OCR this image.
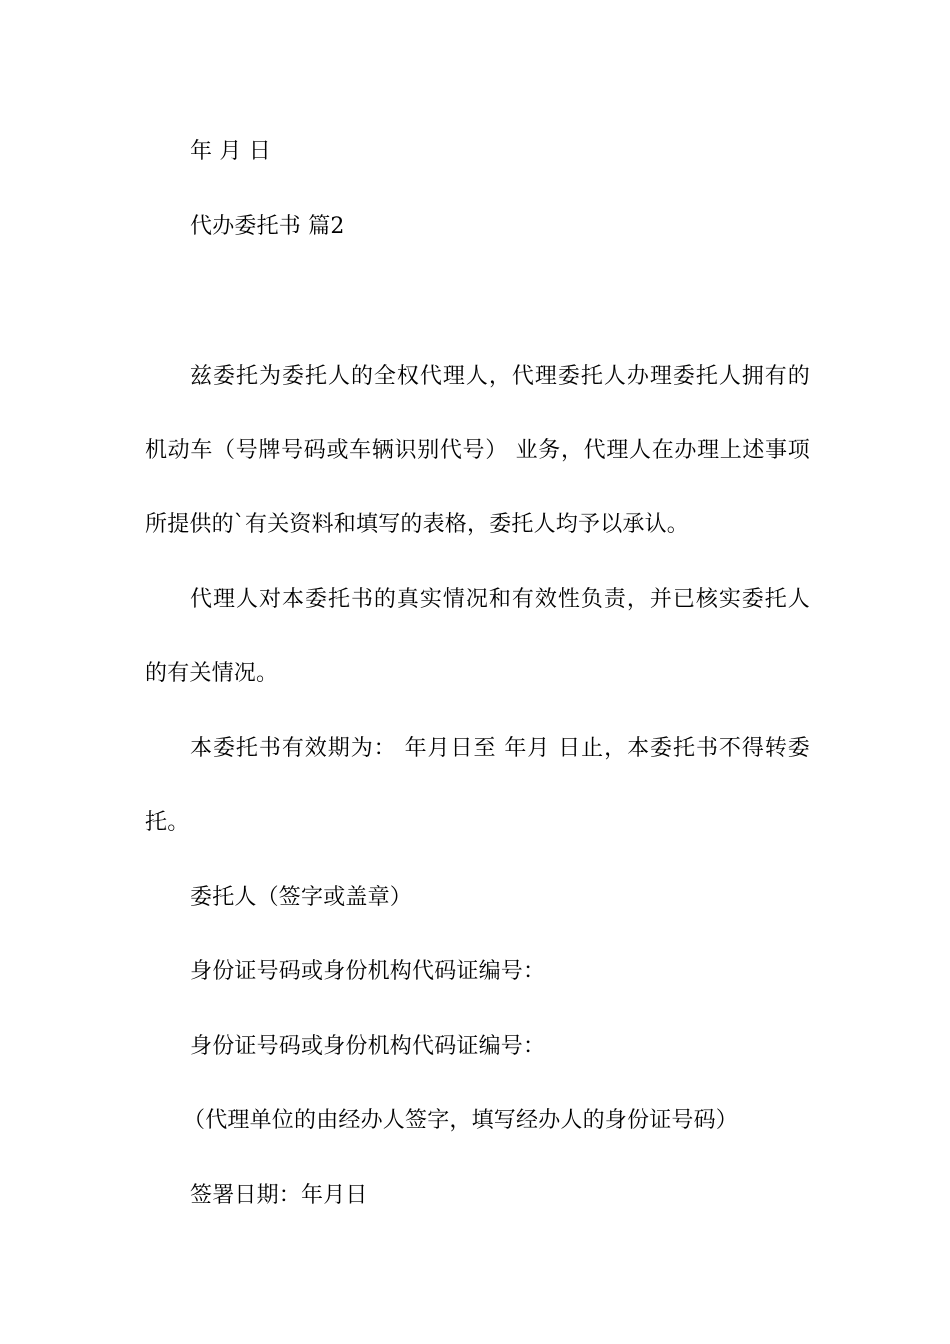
年 月 日
代办委托书 篇2
兹委托为委托人的全权代理人，代理委托人办理委托人拥有的
机动车（号牌号码或车辆识别代号） 业务，代理人在办理上述事项
所提供的`有关资料和填写的表格，委托人均予以承认。
代理人对本委托书的真实情况和有效性负责，并已核实委托人
的有关情况。
本委托书有效期为： 年月日至 年月 日止，本委托书不得转委
托。
委托人（签字或盖章）
身份证号码或身份机构代码证编号：
身份证号码或身份机构代码证编号：
（代理单位的由经办人签字，填写经办人的身份证号码）
签署日期：年月日
